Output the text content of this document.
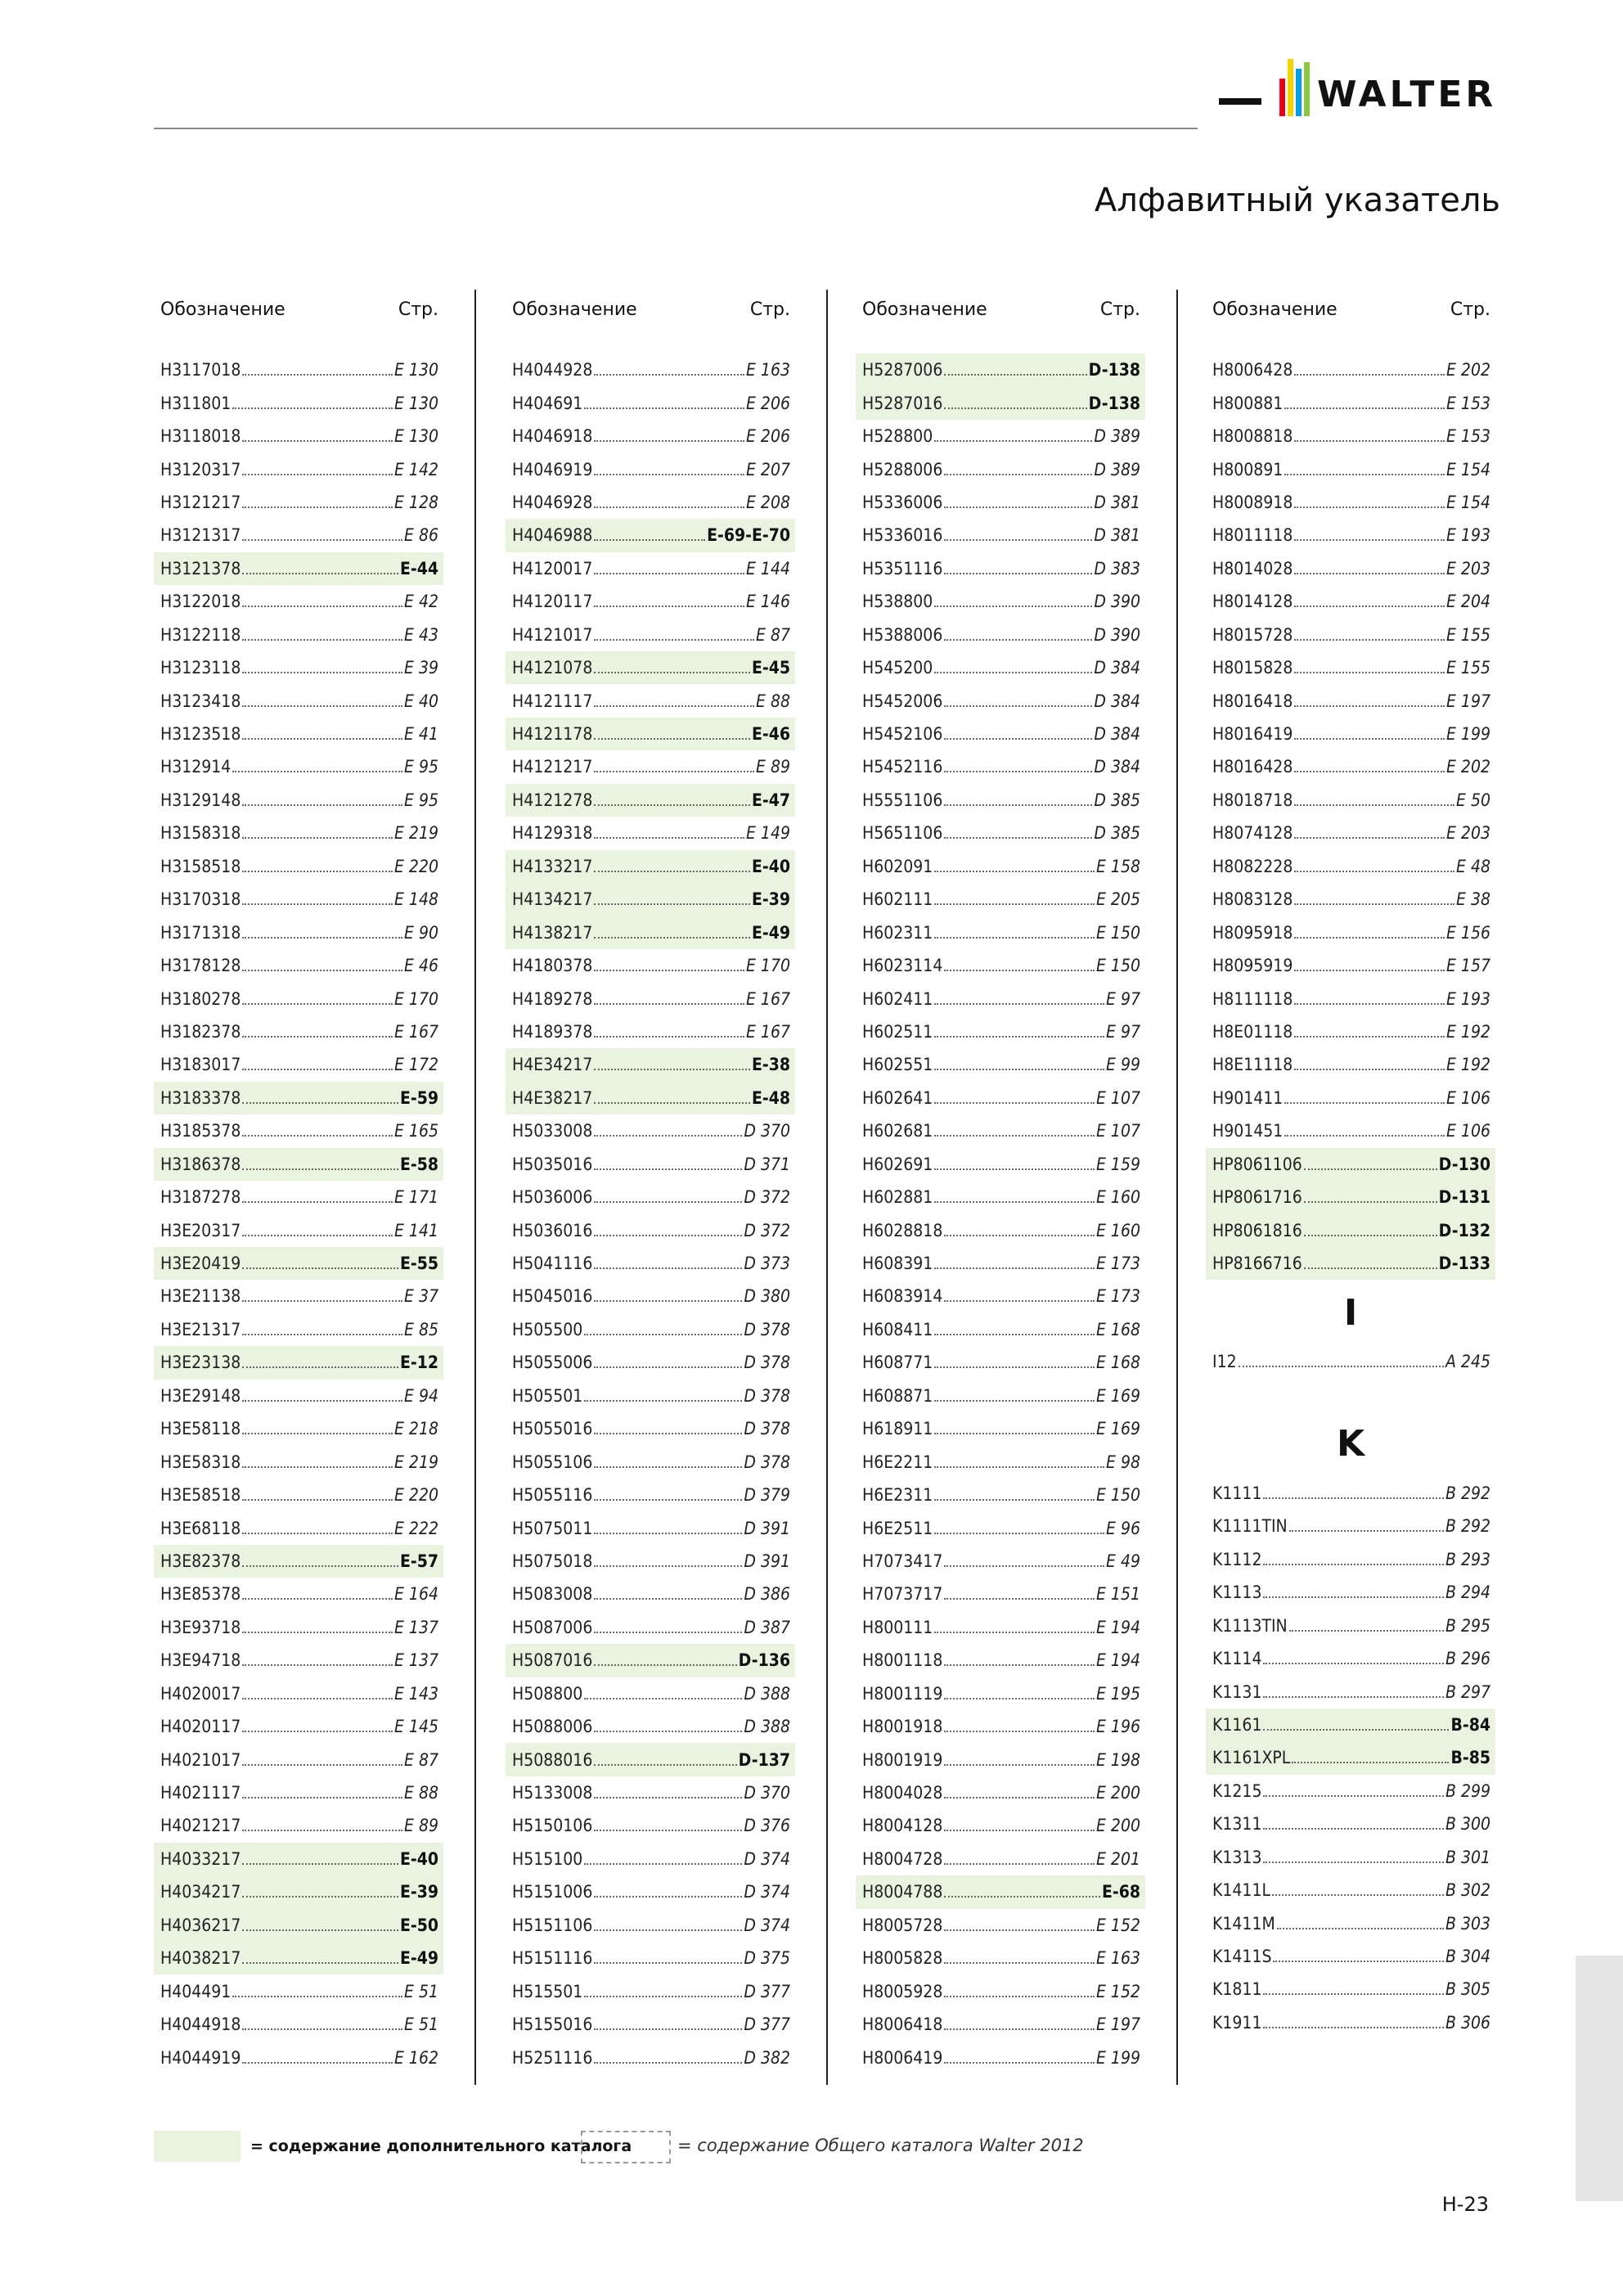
WALTER
Алфавитный указатель
Обозначение	Стр.
H3117018	E 130
H311801	E 130
H3118018	E 130
H3120317	E 142
H3121217	E 128
H3121317	E 86
H3121378	E-44
H3122018	E 42
H3122118	E 43
H3123118	E 39
H3123418	E 40
H3123518	E 41
H312914	E 95
H3129148	E 95
H3158318	E 219
H3158518	E 220
H3170318	E 148
H3171318	E 90
H3178128	E 46
H3180278	E 170
H3182378	E 167
H3183017	E 172
H3183378	E-59
H3185378	E 165
H3186378	E-58
H3187278	E 171
H3E20317	E 141
H3E20419	E-55
H3E21138	E 37
H3E21317	E 85
H3E23138	E-12
H3E29148	E 94
H3E58118	E 218
H3E58318	E 219
H3E58518	E 220
H3E68118	E 222
H3E82378	E-57
H3E85378	E 164
H3E93718	E 137
H3E94718	E 137
H4020017	E 143
H4020117	E 145
H4021017	E 87
H4021117	E 88
H4021217	E 89
H4033217	E-40
H4034217	E-39
H4036217	E-50
H4038217	E-49
H404491	E 51
H4044918	E 51
H4044919	E 162
Обозначение	Стр.
H4044928	E 163
H404691	E 206
H4046918	E 206
H4046919	E 207
H4046928	E 208
H4046988	E-69-E-70
H4120017	E 144
H4120117	E 146
H4121017	E 87
H4121078	E-45
H4121117	E 88
H4121178	E-46
H4121217	E 89
H4121278	E-47
H4129318	E 149
H4133217	E-40
H4134217	E-39
H4138217	E-49
H4180378	E 170
H4189278	E 167
H4189378	E 167
H4E34217	E-38
H4E38217	E-48
H5033008	D 370
H5035016	D 371
H5036006	D 372
H5036016	D 372
H5041116	D 373
H5045016	D 380
H505500	D 378
H5055006	D 378
H505501	D 378
H5055016	D 378
H5055106	D 378
H5055116	D 379
H5075011	D 391
H5075018	D 391
H5083008	D 386
H5087006	D 387
H5087016	D-136
H508800	D 388
H5088006	D 388
H5088016	D-137
H5133008	D 370
H5150106	D 376
H515100	D 374
H5151006	D 374
H5151106	D 374
H5151116	D 375
H515501	D 377
H5155016	D 377
H5251116	D 382
Обозначение	Стр.
H5287006	D-138
H5287016	D-138
H528800	D 389
H5288006	D 389
H5336006	D 381
H5336016	D 381
H5351116	D 383
H538800	D 390
H5388006	D 390
H545200	D 384
H5452006	D 384
H5452106	D 384
H5452116	D 384
H5551106	D 385
H5651106	D 385
H602091	E 158
H602111	E 205
H602311	E 150
H6023114	E 150
H602411	E 97
H602511	E 97
H602551	E 99
H602641	E 107
H602681	E 107
H602691	E 159
H602881	E 160
H6028818	E 160
H608391	E 173
H6083914	E 173
H608411	E 168
H608771	E 168
H608871	E 169
H618911	E 169
H6E2211	E 98
H6E2311	E 150
H6E2511	E 96
H7073417	E 49
H7073717	E 151
H800111	E 194
H8001118	E 194
H8001119	E 195
H8001918	E 196
H8001919	E 198
H8004028	E 200
H8004128	E 200
H8004728	E 201
H8004788	E-68
H8005728	E 152
H8005828	E 163
H8005928	E 152
H8006418	E 197
H8006419	E 199
Обозначение	Стр.
H8006428	E 202
H800881	E 153
H8008818	E 153
H800891	E 154
H8008918	E 154
H8011118	E 193
H8014028	E 203
H8014128	E 204
H8015728	E 155
H8015828	E 155
H8016418	E 197
H8016419	E 199
H8016428	E 202
H8018718	E 50
H8074128	E 203
H8082228	E 48
H8083128	E 38
H8095918	E 156
H8095919	E 157
H8111118	E 193
H8E01118	E 192
H8E11118	E 192
H901411	E 106
H901451	E 106
HP8061106	D-130
HP8061716	D-131
HP8061816	D-132
HP8166716	D-133
I
I12	A 245
K
K1111	B 292
K1111TIN	B 292
K1112	B 293
K1113	B 294
K1113TIN	B 295
K1114	B 296
K1131	B 297
K1161	B-84
K1161XPL	B-85
K1215	B 299
K1311	B 300
K1313	B 301
K1411L	B 302
K1411M	B 303
K1411S	B 304
K1811	B 305
K1911	B 306
= содержание дополнительного каталога	= содержание Общего каталога Walter 2012
H-23
